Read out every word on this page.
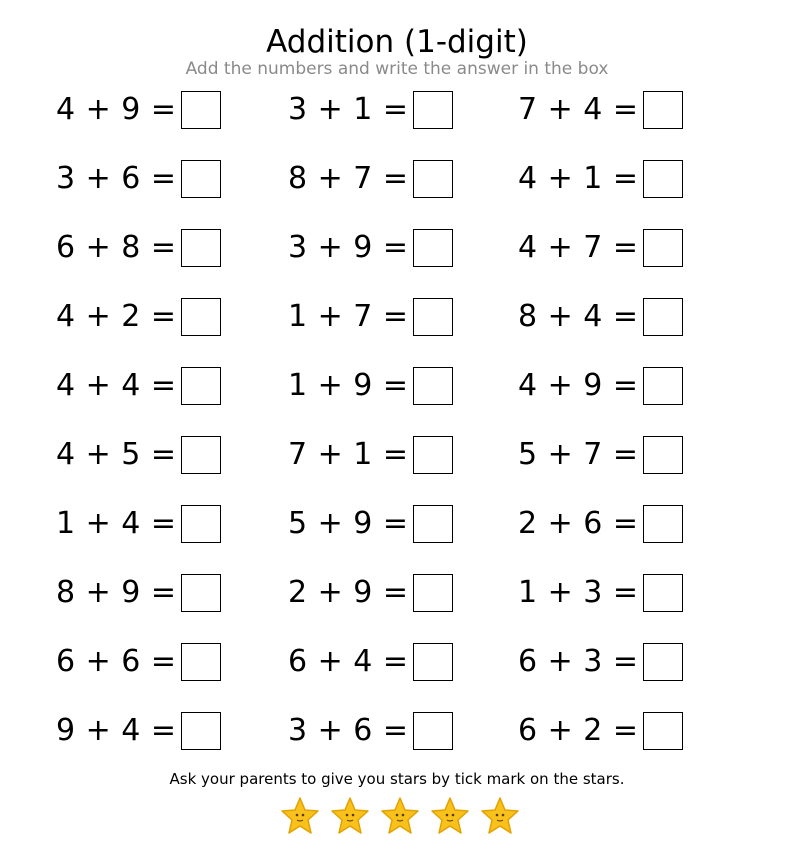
Addition (1-digit)
Add the numbers and write the answer in the box
4 + 9 =
3 + 6 =
6 + 8 =
4 + 2 =
4 + 4 =
4 + 5 =
1 + 4 =
8 + 9 =
6 + 6 =
9 + 4 =
3 + 1 =
8 + 7 =
3 + 9 =
1 + 7 =
1 + 9 =
7 + 1 =
5 + 9 =
2 + 9 =
6 + 4 =
3 + 6 =
7 + 4 =
4 + 1 =
4 + 7 =
8 + 4 =
4 + 9 =
5 + 7 =
2 + 6 =
1 + 3 =
6 + 3 =
6 + 2 =
Ask your parents to give you stars by tick mark on the stars.
